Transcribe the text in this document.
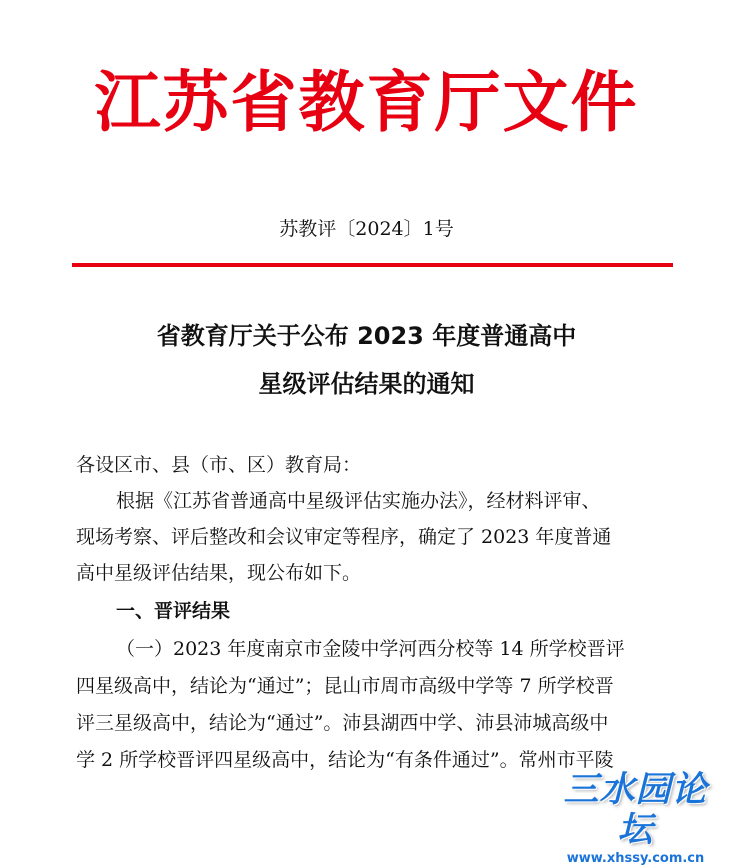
江苏省教育厅文件
苏教评〔2024〕1号
省教育厅关于公布 2023 年度普通高中
星级评估结果的通知
各设区市、县（市、区）教育局：
根据《江苏省普通高中星级评估实施办法》，经材料评审、
现场考察、评后整改和会议审定等程序，确定了 2023 年度普通
高中星级评估结果，现公布如下。
一、晋评结果
（一）2023 年度南京市金陵中学河西分校等 14 所学校晋评
四星级高中，结论为“通过”；昆山市周市高级中学等 7 所学校晋
评三星级高中，结论为“通过”。沛县湖西中学、沛县沛城高级中
学 2 所学校晋评四星级高中，结论为“有条件通过”。常州市平陵
三水园论坛
www.xhssy.com.cn
